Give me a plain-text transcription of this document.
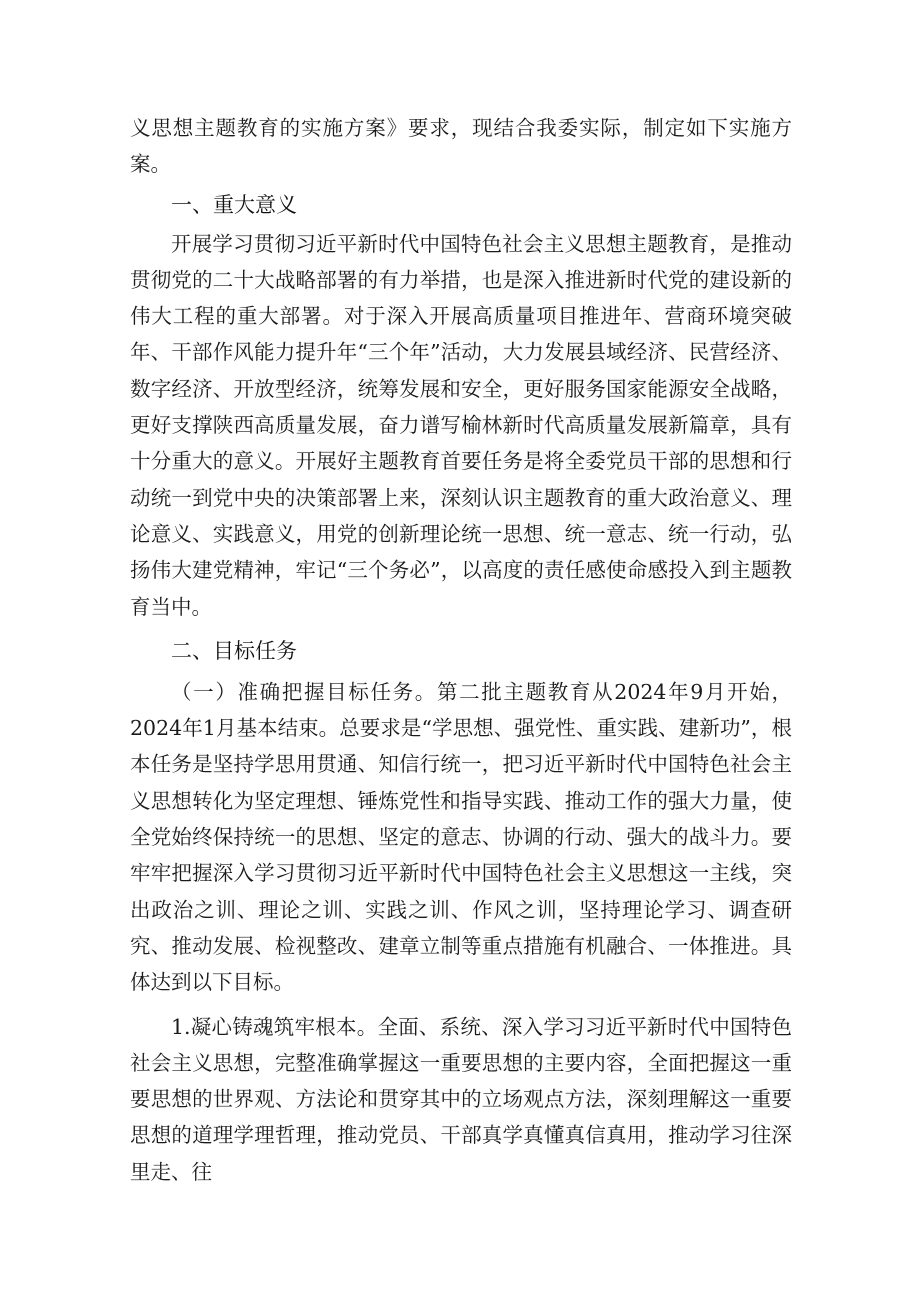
义思想主题教育的实施方案》要求，现结合我委实际，制定如下实施方案。

一、重大意义

开展学习贯彻习近平新时代中国特色社会主义思想主题教育，是推动贯彻党的二十大战略部署的有力举措，也是深入推进新时代党的建设新的伟大工程的重大部署。对于深入开展高质量项目推进年、营商环境突破年、干部作风能力提升年“三个年”活动，大力发展县域经济、民营经济、数字经济、开放型经济，统筹发展和安全，更好服务国家能源安全战略，更好支撑陕西高质量发展，奋力谱写榆林新时代高质量发展新篇章，具有十分重大的意义。开展好主题教育首要任务是将全委党员干部的思想和行动统一到党中央的决策部署上来，深刻认识主题教育的重大政治意义、理论意义、实践意义，用党的创新理论统一思想、统一意志、统一行动，弘扬伟大建党精神，牢记“三个务必”，以高度的责任感使命感投入到主题教育当中。

二、目标任务

（一）准确把握目标任务。第二批主题教育从2024年9月开始，2024年1月基本结束。总要求是“学思想、强党性、重实践、建新功”，根本任务是坚持学思用贯通、知信行统一，把习近平新时代中国特色社会主义思想转化为坚定理想、锤炼党性和指导实践、推动工作的强大力量，使全党始终保持统一的思想、坚定的意志、协调的行动、强大的战斗力。要牢牢把握深入学习贯彻习近平新时代中国特色社会主义思想这一主线，突出政治之训、理论之训、实践之训、作风之训，坚持理论学习、调查研究、推动发展、检视整改、建章立制等重点措施有机融合、一体推进。具体达到以下目标。

1.凝心铸魂筑牢根本。全面、系统、深入学习习近平新时代中国特色社会主义思想，完整准确掌握这一重要思想的主要内容，全面把握这一重要思想的世界观、方法论和贯穿其中的立场观点方法，深刻理解这一重要思想的道理学理哲理，推动党员、干部真学真懂真信真用，推动学习往深里走、往
